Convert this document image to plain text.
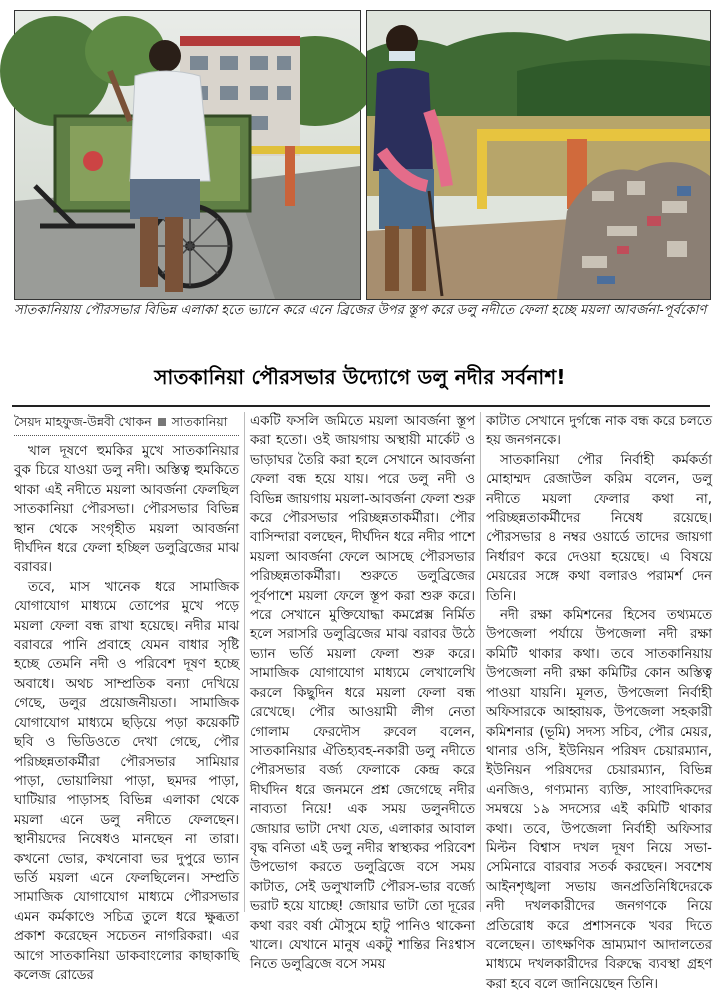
সাতকানিয়ায় পৌরসভার বিভিন্ন এলাকা হতে ভ্যানে করে এনে ব্রিজের উপর স্তূপ করে ডলু নদীতে ফেলা হচ্ছে ময়লা আবর্জনা-পূর্বকোণ
সাতকানিয়া পৌরসভার উদ্যোগে ডলু নদীর সর্বনাশ!

সৈয়দ মাহফুজ-উন্নবী খোকন সাতকানিয়া

খাল দূষণে হুমকির মুখে সাতকানিয়ার বুক চিরে যাওয়া ডলু নদী। অস্তিত্ব হুমকিতে থাকা এই নদীতে ময়লা আবর্জনা ফেলছিল সাতকানিয়া পৌরসভা। পৌরসভার বিভিন্ন স্থান থেকে সংগৃহীত ময়লা আবর্জনা দীর্ঘদিন ধরে ফেলা হচ্ছিল ডলুব্রিজের মাঝ বরাবর।

তবে, মাস খানেক ধরে সামাজিক যোগাযোগ মাধ্যমে তোপের মুখে পড়ে ময়লা ফেলা বন্ধ রাখা হয়েছে। নদীর মাঝ বরাবরে পানি প্রবাহে যেমন বাধার সৃষ্টি হচ্ছে তেমনি নদী ও পরিবেশ দূষণ হচ্ছে অবাধে। অথচ সাম্প্রতিক বন্যা দেখিয়ে গেছে, ডলুর প্রয়োজনীয়তা। সামাজিক যোগাযোগ মাধ্যমে ছড়িয়ে পড়া কয়েকটি ছবি ও ভিডিওতে দেখা গেছে, পৌর পরিচ্ছন্নতাকর্মীরা পৌরসভার সামিয়ার পাড়া, ভোয়ালিয়া পাড়া, ছমদর পাড়া, ঘাটিয়ার পাড়াসহ বিভিন্ন এলাকা থেকে ময়লা এনে ডলু নদীতে ফেলছেন। স্থানীয়দের নিষেধও মানছেন না তারা। কখনো ভোর, কখনোবা ভর দুপুরে ভ্যান ভর্তি ময়লা এনে ফেলছিলেন। সম্প্রতি সামাজিক যোগাযোগ মাধ্যমে পৌরসভার এমন কর্মকাণ্ডে সচিত্র তুলে ধরে ক্ষুব্ধতা প্রকাশ করেছেন সচেতন নাগরিকরা। এর আগে সাতকানিয়া ডাকবাংলোর কাছাকাছি কলেজ রোডের

একটি ফসলি জমিতে ময়লা আবর্জনা স্তূপ করা হতো। ওই জায়গায় অস্থায়ী মার্কেট ও ভাড়াঘর তৈরি করা হলে সেখানে আবর্জনা ফেলা বন্ধ হয়ে যায়। পরে ডলু নদী ও বিভিন্ন জায়গায় ময়লা-আবর্জনা ফেলা শুরু করে পৌরসভার পরিচ্ছন্নতাকর্মীরা। পৌর বাসিন্দারা বলছেন, দীর্ঘদিন ধরে নদীর পাশে ময়লা আবর্জনা ফেলে আসছে পৌরসভার পরিচ্ছন্নতাকর্মীরা। শুরুতে ডলুব্রিজের পূর্বপাশে ময়লা ফেলে স্তূপ করা শুরু করে। পরে সেখানে মুক্তিযোদ্ধা কমপ্লেক্স নির্মিত হলে সরাসরি ডলুব্রিজের মাঝ বরাবর উঠে ভ্যান ভর্তি ময়লা ফেলা শুরু করে। সামাজিক যোগাযোগ মাধ্যমে লেখালেখি করলে কিছুদিন ধরে ময়লা ফেলা বন্ধ রেখেছে। পৌর আওয়ামী লীগ নেতা গোলাম ফেরদৌস রুবেল বলেন, সাতকানিয়ার ঐতিহ্যবহ-নকারী ডলু নদীতে পৌরসভার বর্জ্য ফেলাকে কেন্দ্র করে দীর্ঘদিন ধরে জনমনে প্রশ্ন জেগেছে নদীর নাব্যতা নিয়ে! এক সময় ডলুনদীতে জোয়ার ভাটা দেখা যেত, এলাকার আবাল বৃদ্ধ বনিতা এই ডলু নদীর স্বাস্থ্যকর পরিবেশ উপভোগ করতে ডলুব্রিজে বসে সময় কাটাত, সেই ডলুখালটি পৌরস-ভার বর্জ্যে ভরাট হয়ে যাচ্ছে! জোয়ার ভাটা তো দূরের কথা বরং বর্ষা মৌসুমে হাটু পানিও থাকেনা খালে। যেখানে মানুষ একটু শান্তির নিঃশ্বাস নিতে ডলুব্রিজে বসে সময়

কাটাত সেখানে দুর্গন্ধে নাক বন্ধ করে চলতে হয় জনগনকে।

সাতকানিয়া পৌর নির্বাহী কর্মকর্তা মোহাম্মদ রেজাউল করিম বলেন, ডলু নদীতে ময়লা ফেলার কথা না, পরিচ্ছন্নতাকর্মীদের নিষেধ রয়েছে। পৌরসভার ৪ নম্বর ওয়ার্ডে তাদের জায়গা নির্ধারণ করে দেওয়া হয়েছে। এ বিষয়ে মেয়রের সঙ্গে কথা বলারও পরামর্শ দেন তিনি।

নদী রক্ষা কমিশনের হিসেব তথ্যমতে উপজেলা পর্যায়ে উপজেলা নদী রক্ষা কমিটি থাকার কথা। তবে সাতকানিয়ায় উপজেলা নদী রক্ষা কমিটির কোন অস্তিত্ব পাওয়া যায়নি। মূলত, উপজেলা নির্বাহী অফিসারকে আহ্বায়ক, উপজেলা সহকারী কমিশনার (ভূমি) সদস্য সচিব, পৌর মেয়র, থানার ওসি, ইউনিয়ন পরিষদ চেয়ারম্যান, ইউনিয়ন পরিষদের চেয়ারম্যান, বিভিন্ন এনজিও, গণ্যমান্য ব্যক্তি, সাংবাদিকদের সমন্বয়ে ১৯ সদস্যের এই কমিটি থাকার কথা। তবে, উপজেলা নির্বাহী অফিসার মিল্টন বিশ্বাস দখল দূষণ নিয়ে সভা-সেমিনারে বারবার সতর্ক করছেন। সবশেষ আইনশৃঙ্খলা সভায় জনপ্রতিনিধিদেরকে নদী দখলকারীদের জনগণকে নিয়ে প্রতিরোধ করে প্রশাসনকে খবর দিতে বলেছেন। তাৎক্ষণিক ভ্রাম্যমাণ আদালতের মাধ্যমে দখলকারীদের বিরুদ্ধে ব্যবস্থা গ্রহণ করা হবে বলে জানিয়েছেন তিনি।
